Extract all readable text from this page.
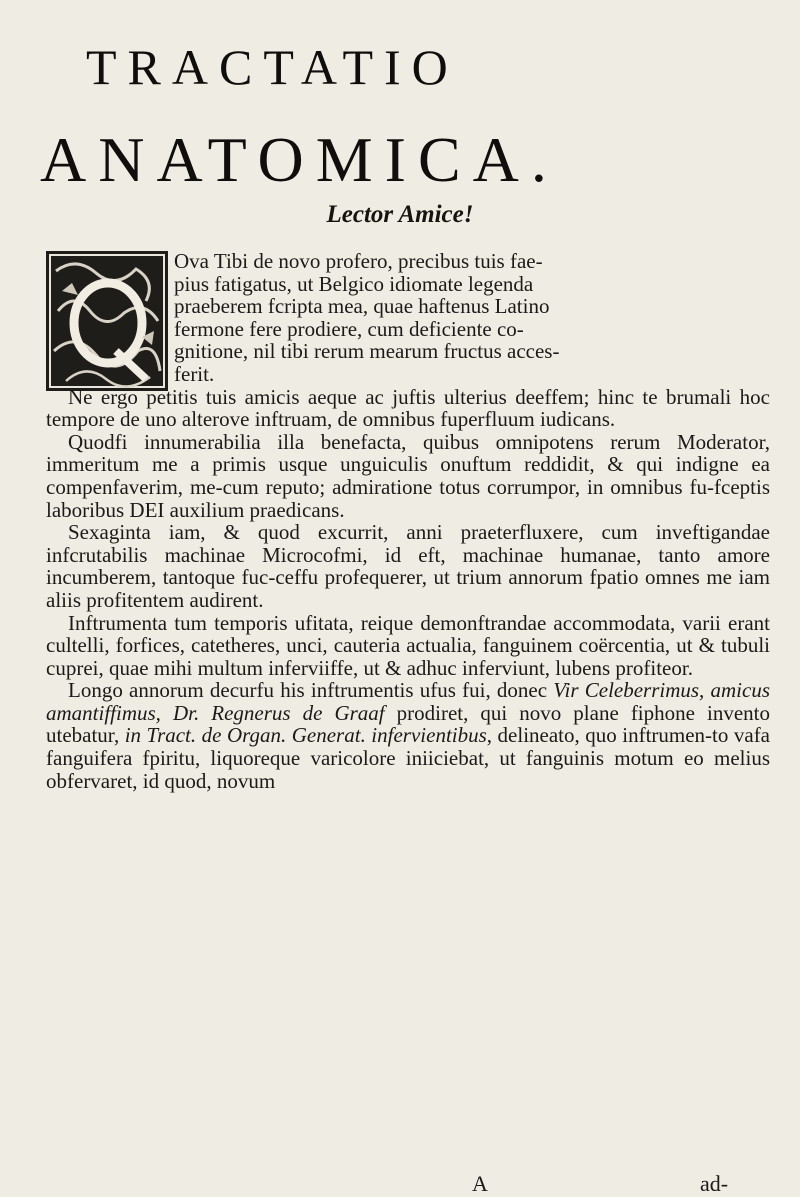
TRACTATIO
ANATOMICA.
Lector Amice!
Ova Tibi de novo profero, precibus tuis fae-
pius fatigatus, ut Belgico idiomate legenda
praeberem fcripta mea, quae haftenus Latino
fermone fere prodiere, cum deficiente co-
gnitione, nil tibi rerum mearum fructus acces-
ferit.

Ne ergo petitis tuis amicis aeque ac juftis ulterius deeffem; hinc te brumali hoc tempore de uno alterove inftruam, de omnibus fuperfluum iudicans.

Quodfi innumerabilia illa benefacta, quibus omnipotens rerum Moderator, immeritum me a primis usque unguiculis onuftum reddidit, & qui indigne ea compenfaverim, me-cum reputo; admiratione totus corrumpor, in omnibus fu-fceptis laboribus DEI auxilium praedicans.

Sexaginta iam, & quod excurrit, anni praeterfluxere, cum inveftigandae infcrutabilis machinae Microcofmi, id eft, machinae humanae, tanto amore incumberem, tantoque fuc-ceffu profequerer, ut trium annorum fpatio omnes me iam aliis profitentem audirent.

Inftrumenta tum temporis ufitata, reique demonftrandae accommodata, varii erant cultelli, forfices, catetheres, unci, cauteria actualia, fanguinem coërcentia, ut & tubuli cuprei, quae mihi multum inferviiffe, ut & adhuc inferviunt, lubens profiteor.

Longo annorum decurfu his inftrumentis ufus fui, donec Vir Celeberrimus, amicus amantiffimus, Dr. Regnerus de Graaf prodiret, qui novo plane fiphone invento utebatur, in Tract. de Organ. Generat. infervientibus, delineato, quo inftrumen-to vafa fanguifera fpiritu, liquoreque varicolore iniiciebat, ut fanguinis motum eo melius obfervaret, id quod, novum

A	ad-
